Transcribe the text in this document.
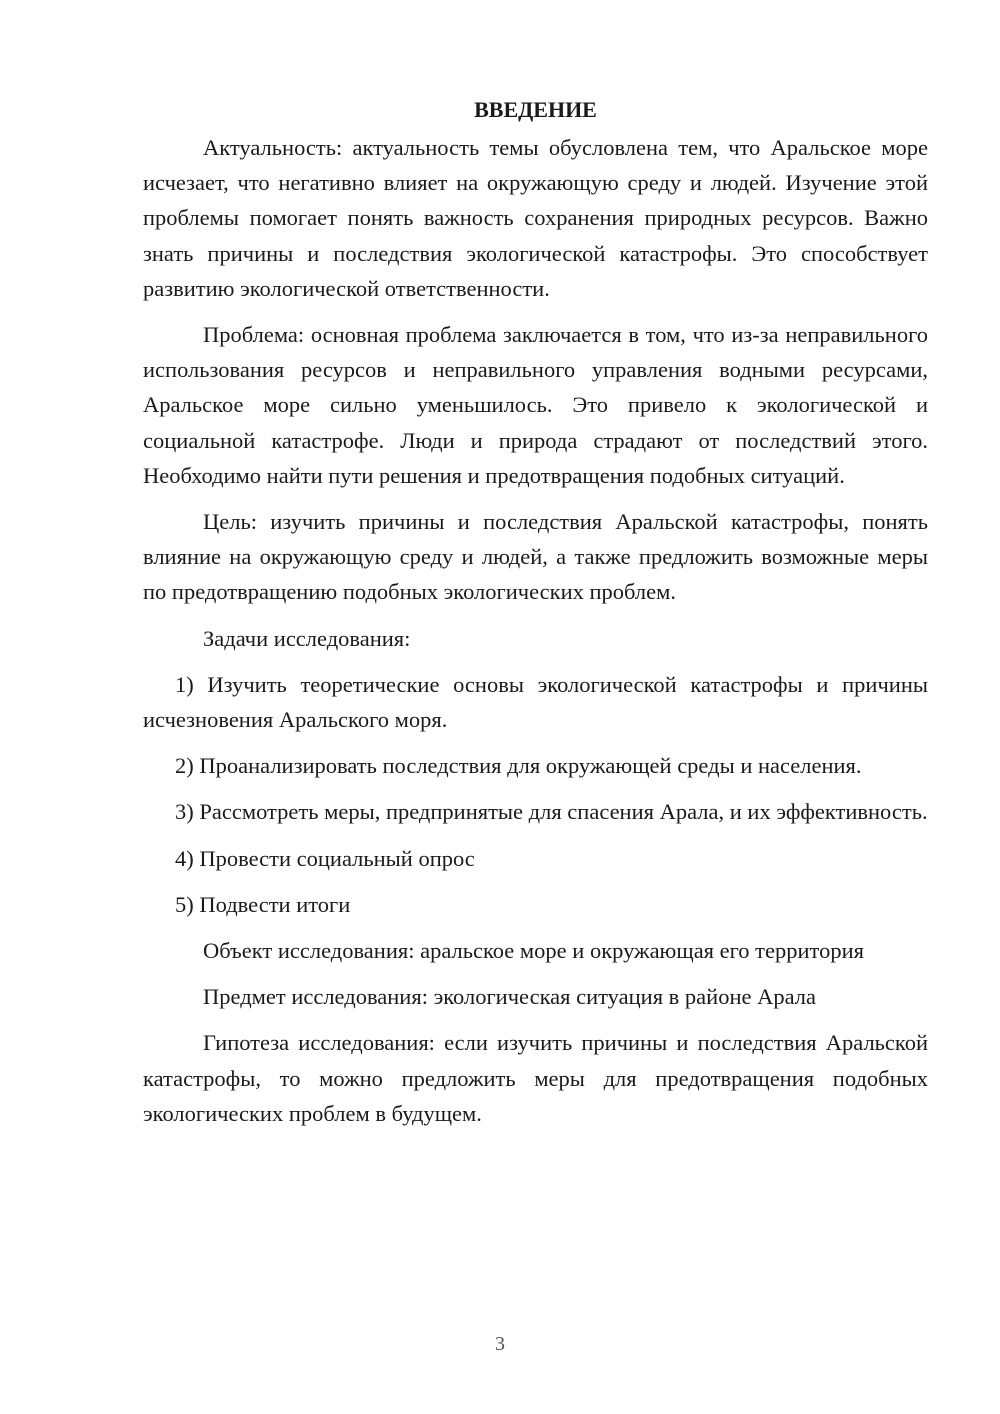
ВВЕДЕНИЕ

Актуальность: актуальность темы обусловлена тем, что Аральское море исчезает, что негативно влияет на окружающую среду и людей. Изучение этой проблемы помогает понять важность сохранения природных ресурсов. Важно знать причины и последствия экологической катастрофы. Это способствует развитию экологической ответственности.

Проблема: основная проблема заключается в том, что из-за неправильного использования ресурсов и неправильного управления водными ресурсами, Аральское море сильно уменьшилось. Это привело к экологической и социальной катастрофе. Люди и природа страдают от последствий этого. Необходимо найти пути решения и предотвращения подобных ситуаций.

Цель: изучить причины и последствия Аральской катастрофы, понять влияние на окружающую среду и людей, а также предложить возможные меры по предотвращению подобных экологических проблем.

Задачи исследования:

1) Изучить теоретические основы экологической катастрофы и причины исчезновения Аральского моря.

2) Проанализировать последствия для окружающей среды и населения.

3) Рассмотреть меры, предпринятые для спасения Арала, и их эффективность.

4) Провести социальный опрос

5) Подвести итоги

Объект исследования: аральское море и окружающая его территория

Предмет исследования: экологическая ситуация в районе Арала

Гипотеза исследования: если изучить причины и последствия Аральской катастрофы, то можно предложить меры для предотвращения подобных экологических проблем в будущем.

3
